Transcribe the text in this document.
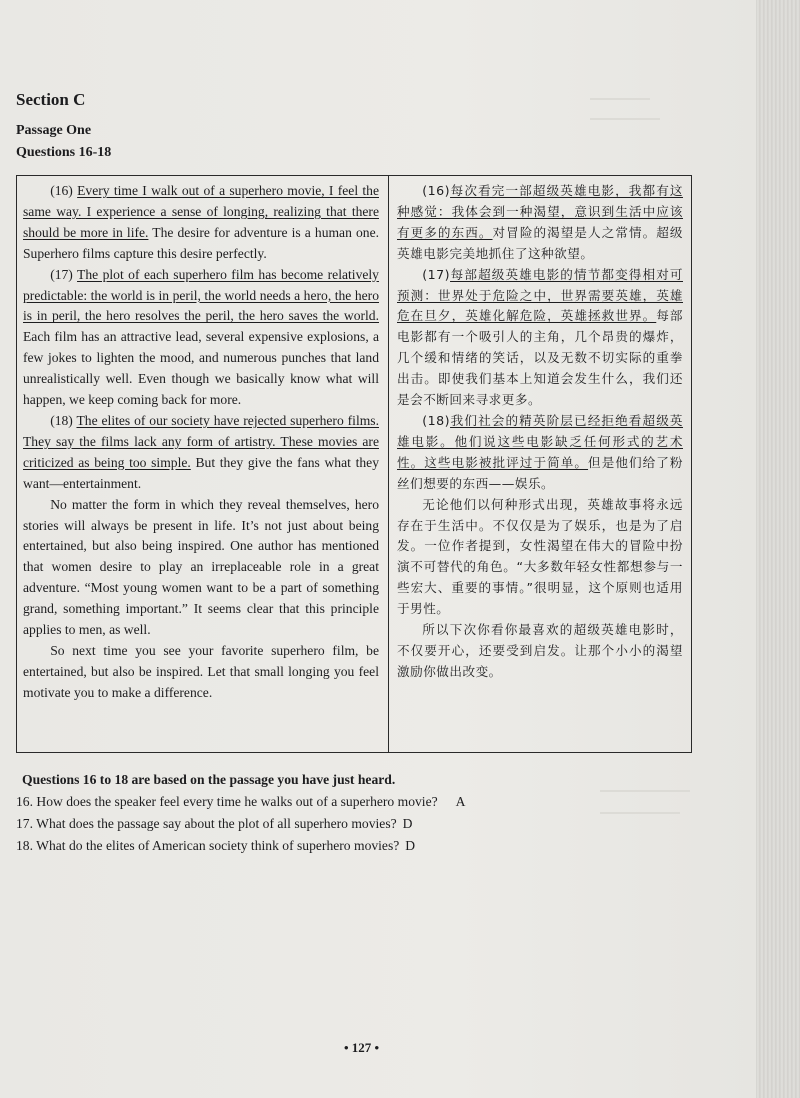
Section C
Passage One
Questions 16-18

(16) Every time I walk out of a superhero movie, I feel the same way. I experience a sense of longing, realizing that there should be more in life. The desire for adventure is a human one. Superhero films capture this desire perfectly.

(17) The plot of each superhero film has become relatively predictable: the world is in peril, the world needs a hero, the hero is in peril, the hero resolves the peril, the hero saves the world. Each film has an attractive lead, several expensive explosions, a few jokes to lighten the mood, and numerous punches that land unrealistically well. Even though we basically know what will happen, we keep coming back for more.

(18) The elites of our society have rejected superhero films. They say the films lack any form of artistry. These movies are criticized as being too simple. But they give the fans what they want—entertainment.

No matter the form in which they reveal themselves, hero stories will always be present in life. It’s not just about being entertained, but also being inspired. One author has mentioned that women desire to play an irreplaceable role in a great adventure. “Most young women want to be a part of something grand, something important.” It seems clear that this principle applies to men, as well.

So next time you see your favorite superhero film, be entertained, but also be inspired. Let that small longing you feel motivate you to make a difference.

(16)每次看完一部超级英雄电影，我都有这种感觉：我体会到一种渴望，意识到生活中应该有更多的东西。对冒险的渴望是人之常情。超级英雄电影完美地抓住了这种欲望。

(17)每部超级英雄电影的情节都变得相对可预测：世界处于危险之中，世界需要英雄，英雄危在旦夕，英雄化解危险，英雄拯救世界。每部电影都有一个吸引人的主角，几个昂贵的爆炸，几个缓和情绪的笑话，以及无数不切实际的重拳出击。即使我们基本上知道会发生什么，我们还是会不断回来寻求更多。

(18)我们社会的精英阶层已经拒绝看超级英雄电影。他们说这些电影缺乏任何形式的艺术性。这些电影被批评过于简单。但是他们给了粉丝们想要的东西——娱乐。

无论他们以何种形式出现，英雄故事将永远存在于生活中。不仅仅是为了娱乐，也是为了启发。一位作者提到，女性渴望在伟大的冒险中扮演不可替代的角色。“大多数年轻女性都想参与一些宏大、重要的事情。”很明显，这个原则也适用于男性。

所以下次你看你最喜欢的超级英雄电影时，不仅要开心，还要受到启发。让那个小小的渴望激励你做出改变。

Questions 16 to 18 are based on the passage you have just heard.
16. How does the speaker feel every time he walks out of a superhero movie? A
17. What does the passage say about the plot of all superhero movies? D
18. What do the elites of American society think of superhero movies? D
• 127 •
